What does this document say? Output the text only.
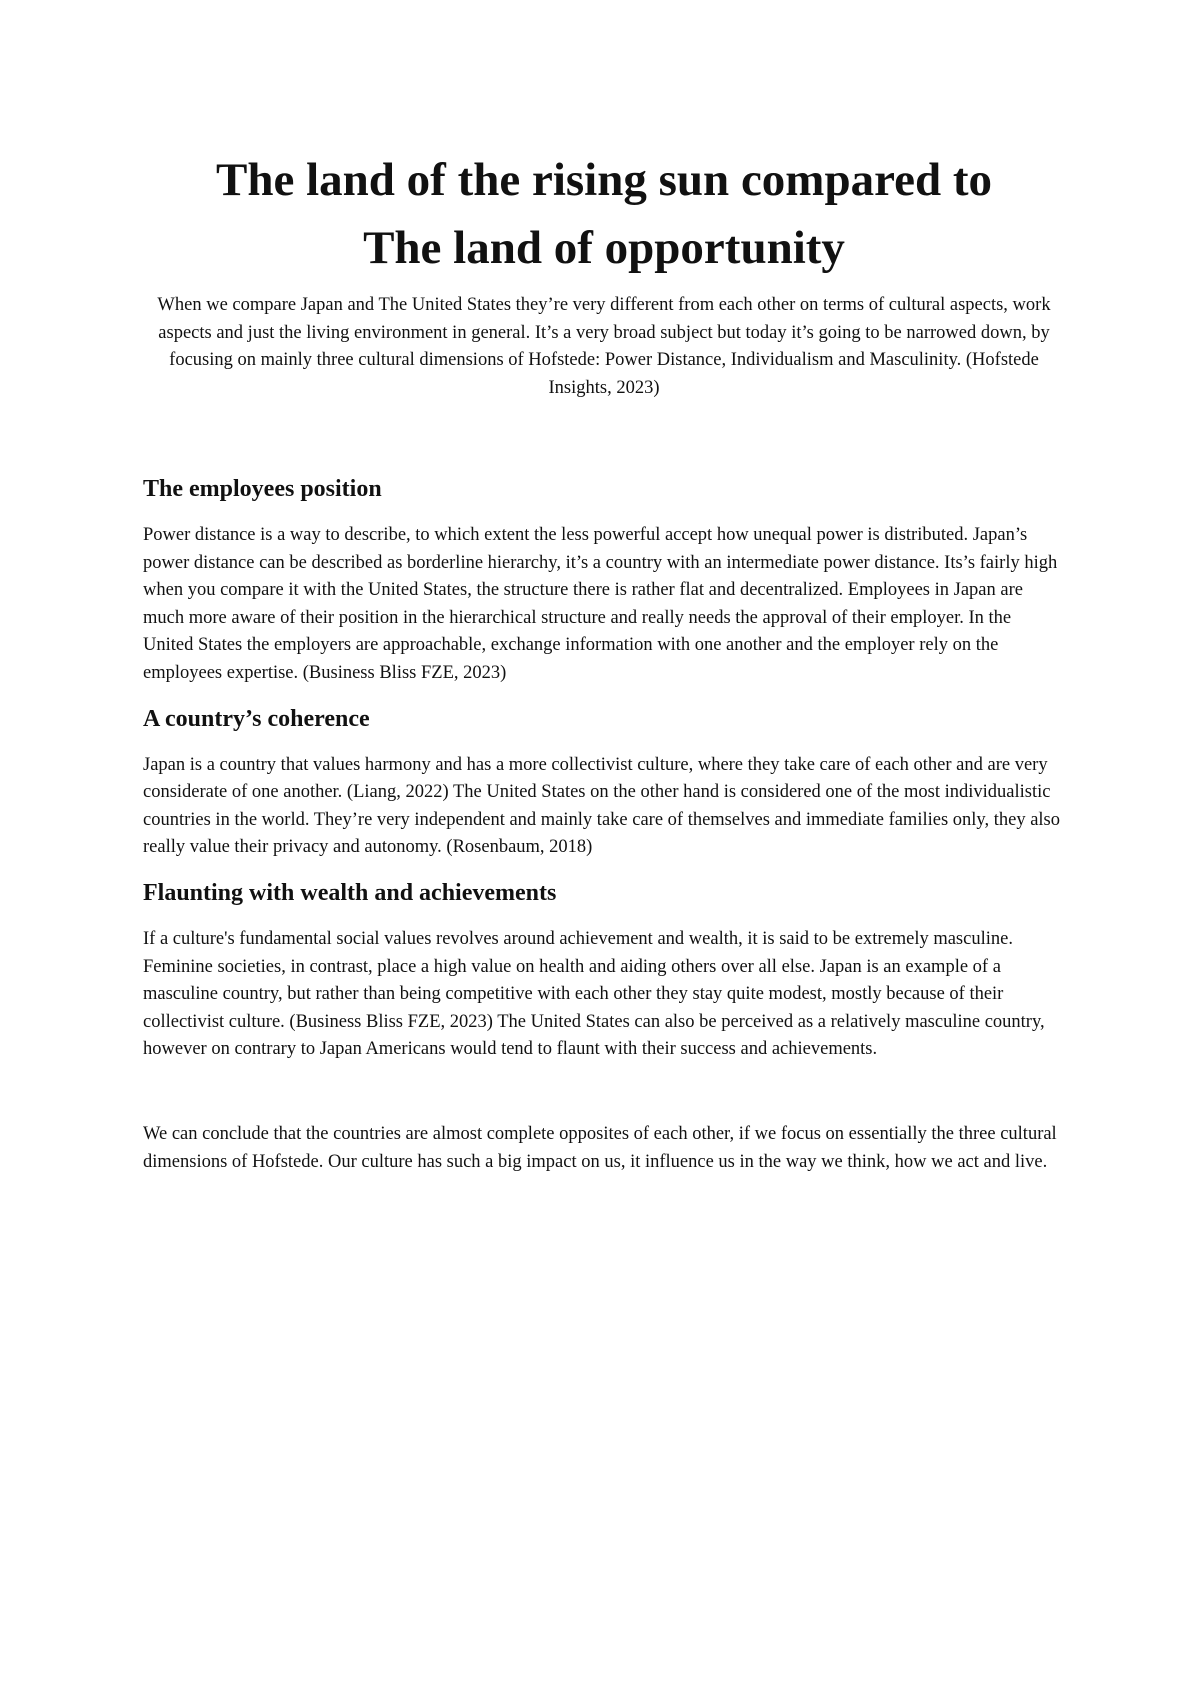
The land of the rising sun compared to
The land of opportunity

When we compare Japan and The United States they’re very different from each other on terms of cultural aspects, work aspects and just the living environment in general. It’s a very broad subject but today it’s going to be narrowed down, by focusing on mainly three cultural dimensions of Hofstede: Power Distance, Individualism and Masculinity. (Hofstede Insights, 2023)

The employees position

Power distance is a way to describe, to which extent the less powerful accept how unequal power is distributed. Japan’s power distance can be described as borderline hierarchy, it’s a country with an intermediate power distance. Its’s fairly high when you compare it with the United States, the structure there is rather flat and decentralized. Employees in Japan are much more aware of their position in the hierarchical structure and really needs the approval of their employer. In the United States the employers are approachable, exchange information with one another and the employer rely on the employees expertise. (Business Bliss FZE, 2023)

A country’s coherence

Japan is a country that values harmony and has a more collectivist culture, where they take care of each other and are very considerate of one another. (Liang, 2022) The United States on the other hand is considered one of the most individualistic countries in the world. They’re very independent and mainly take care of themselves and immediate families only, they also really value their privacy and autonomy. (Rosenbaum, 2018)

Flaunting with wealth and achievements

If a culture's fundamental social values revolves around achievement and wealth, it is said to be extremely masculine. Feminine societies, in contrast, place a high value on health and aiding others over all else. Japan is an example of a masculine country, but rather than being competitive with each other they stay quite modest, mostly because of their collectivist culture. (Business Bliss FZE, 2023) The United States can also be perceived as a relatively masculine country, however on contrary to Japan Americans would tend to flaunt with their success and achievements.

We can conclude that the countries are almost complete opposites of each other, if we focus on essentially the three cultural dimensions of Hofstede. Our culture has such a big impact on us, it influence us in the way we think, how we act and live.
